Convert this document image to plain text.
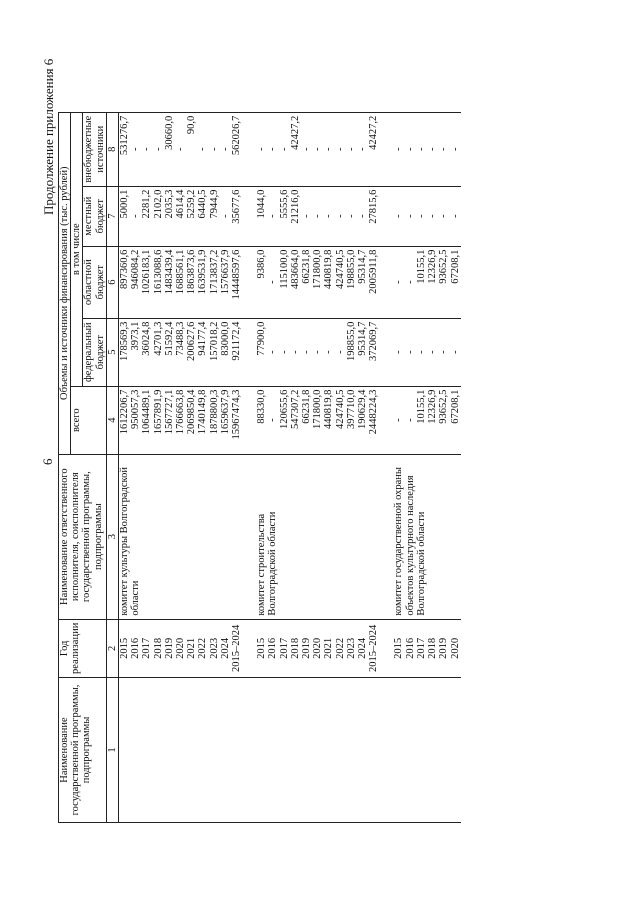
6
Продолжение приложения 6
Наименование государственной программы, подпрограммы	Год реализации	Наименование ответственного исполнителя, соисполнителя государственной программы, подпрограммы	Объемы и источники финансирования (тыс. рублей)				
			всего	в том числе			
				федеральный бюджет	областной бюджет	местный бюджет	внебюджетные источники
1	2	3	4	5	6	7	8
	2015	комитет культуры Волгоградской области	1612206,7	178569,3	897360,6	5000,1	531276,7
	2016		950057,3	3973,1	946084,2	-	-
	2017		1064489,1	36024,8	1026183,1	2281,2	-
	2018		1657891,9	42701,3	1613088,6	2102,0	-
	2019		1567727,1	51592,4	1483439,4	2035,3	30660,0
	2020		1766663,8	73488,3	1688561,1	4614,4	-
	2021		2069850,4	200627,6	1863873,6	5259,2	90,0
	2022		1740149,8	94177,4	1639531,9	6440,5	-
	2023		1878800,3	157018,2	1713837,2	7944,9	-
	2024		1659637,9	83000,0	1576637,9	-	-
	2015–2024		15967474,3	921172,4	14448597,6	35677,6	562026,7

	2015	комитет строительства Волгоградской области	88330,0	77900,0	9386,0	1044,0	-
	2016		-	-	-	-	-
	2017		120655,6	-	115100,0	5555,6	-
	2018		547307,2	-	483664,0	21216,0	42427,2
	2019		66231,8	-	66231,8	-	-
	2020		171800,0	-	171800,0	-	-
	2021		440819,8	-	440819,8	-	-
	2022		424740,5	-	424740,5	-	-
	2023		397710,0	198855,0	198855,0	-	-
	2024		190629,4	95314,7	95314,7	-	-
	2015–2024		2448224,3	372069,7	2005911,8	27815,6	42427,2

	2015	комитет государственной охраны объектов культурного наследия Волгоградской области	-	-	-	-	-
	2016		-	-	-	-	-
	2017		10155,1	-	10155,1	-	-
	2018		12326,9	-	12326,9	-	-
	2019		93652,5	-	93652,5	-	-
	2020		67208,1	-	67208,1	-	-
